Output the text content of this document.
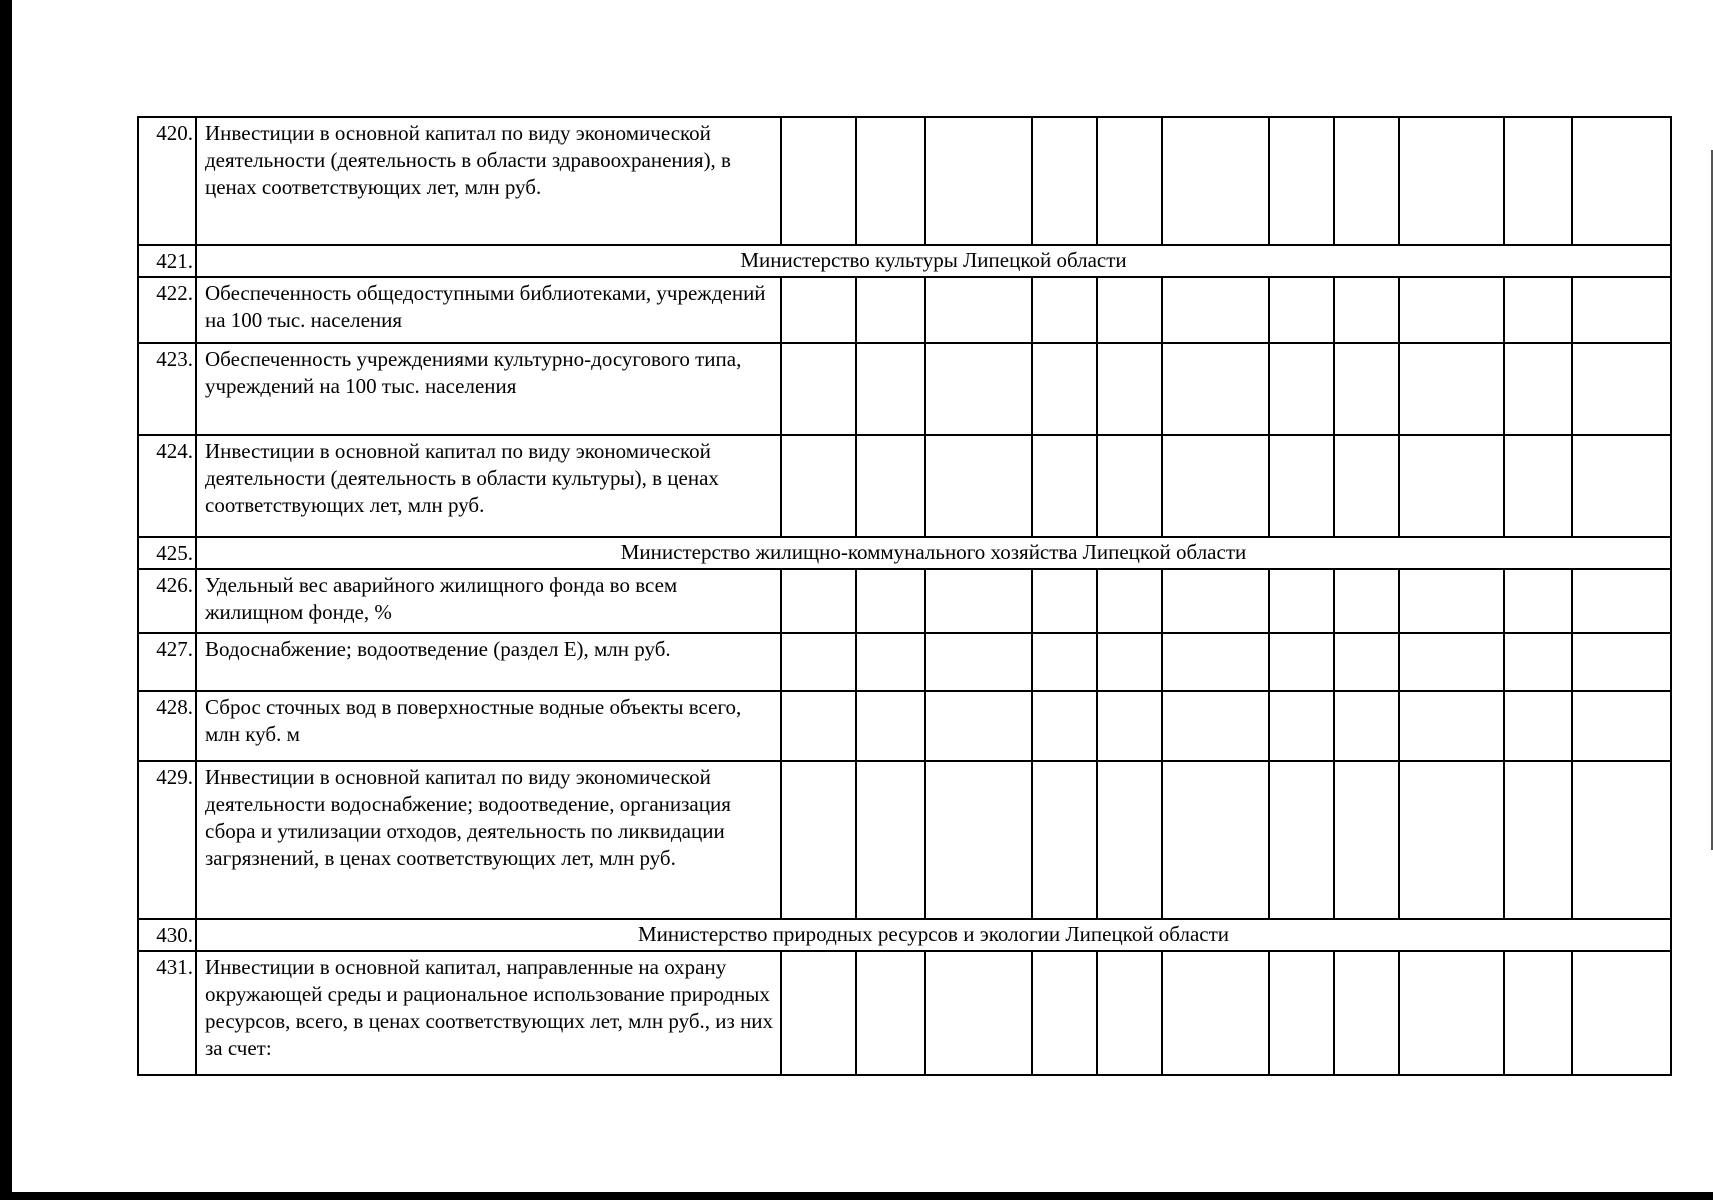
420.	Инвестиции в основной капитал по виду экономической деятельности (деятельность в области здравоохранения), в ценах соответствующих лет, млн руб.											
421.	Министерство культуры Липецкой области											
422.	Обеспеченность общедоступными библиотеками, учреждений на 100 тыс. населения											
423.	Обеспеченность учреждениями культурно-досугового типа, учреждений на 100 тыс. населения											
424.	Инвестиции в основной капитал по виду экономической деятельности (деятельность в области культуры), в ценах соответствующих лет, млн руб.											
425.	Министерство жилищно-коммунального хозяйства Липецкой области											
426.	Удельный вес аварийного жилищного фонда во всем жилищном фонде, %											
427.	Водоснабжение; водоотведение (раздел Е), млн руб.											
428.	Сброс сточных вод в поверхностные водные объекты всего, млн куб. м											
429.	Инвестиции в основной капитал по виду экономической деятельности водоснабжение; водоотведение, организация сбора и утилизации отходов, деятельность по ликвидации загрязнений, в ценах соответствующих лет, млн руб.											
430.	Министерство природных ресурсов и экологии Липецкой области											
431.	Инвестиции в основной капитал, направленные на охрану окружающей среды и рациональное использование природных ресурсов, всего, в ценах соответствующих лет, млн руб., из них за счет:											
